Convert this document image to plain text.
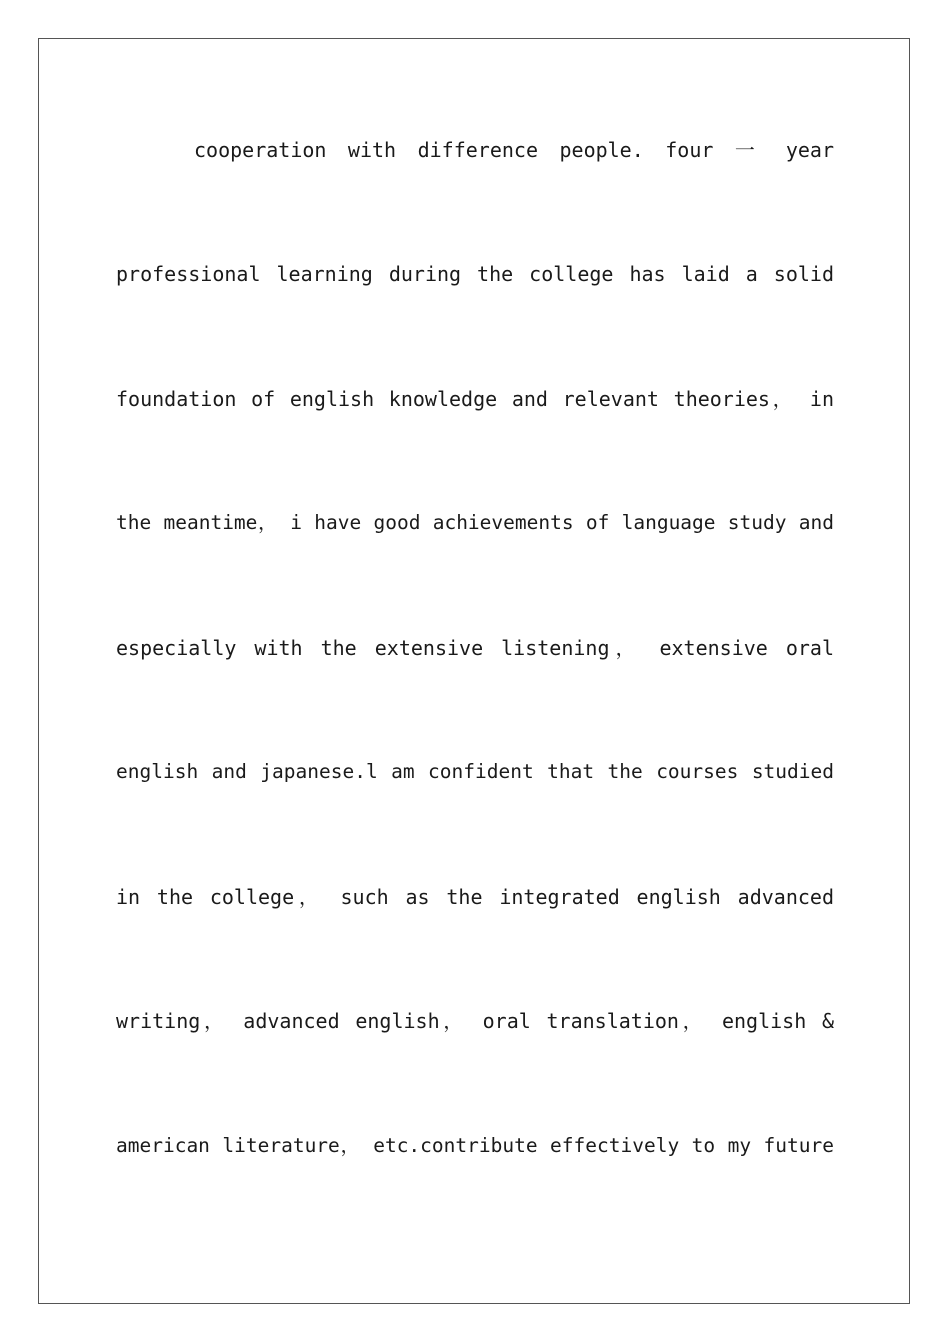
cooperation with difference people. four 一 year
professional learning during the college has laid a solid
foundation of english knowledge and relevant theories， in
the meantime， i have good achievements of language study and
especially with the extensive listening， extensive oral
english and japanese.l am confident that the courses studied
in the college， such as the integrated english advanced
writing， advanced english， oral translation， english &
american literature， etc.contribute effectively to my future
